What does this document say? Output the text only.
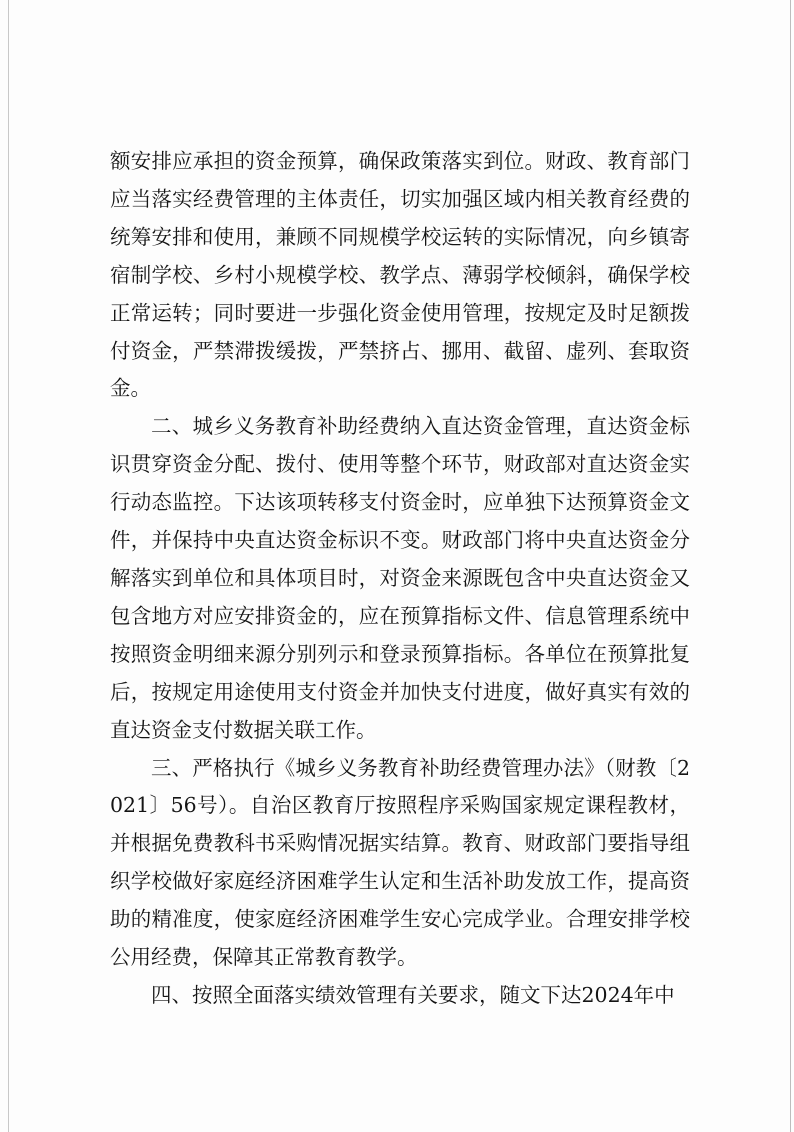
额安排应承担的资金预算，确保政策落实到位。财政、教育部门应当落实经费管理的主体责任，切实加强区域内相关教育经费的统筹安排和使用，兼顾不同规模学校运转的实际情况，向乡镇寄宿制学校、乡村小规模学校、教学点、薄弱学校倾斜，确保学校正常运转；同时要进一步强化资金使用管理，按规定及时足额拨付资金，严禁滞拨缓拨，严禁挤占、挪用、截留、虚列、套取资金。

二、城乡义务教育补助经费纳入直达资金管理，直达资金标识贯穿资金分配、拨付、使用等整个环节，财政部对直达资金实行动态监控。下达该项转移支付资金时，应单独下达预算资金文件，并保持中央直达资金标识不变。财政部门将中央直达资金分解落实到单位和具体项目时，对资金来源既包含中央直达资金又包含地方对应安排资金的，应在预算指标文件、信息管理系统中按照资金明细来源分别列示和登录预算指标。各单位在预算批复后，按规定用途使用支付资金并加快支付进度，做好真实有效的直达资金支付数据关联工作。

三、严格执行《城乡义务教育补助经费管理办法》（财教〔2021〕56号）。自治区教育厅按照程序采购国家规定课程教材，并根据免费教科书采购情况据实结算。教育、财政部门要指导组织学校做好家庭经济困难学生认定和生活补助发放工作，提高资助的精准度，使家庭经济困难学生安心完成学业。合理安排学校公用经费，保障其正常教育教学。

四、按照全面落实绩效管理有关要求，随文下达2024年中
